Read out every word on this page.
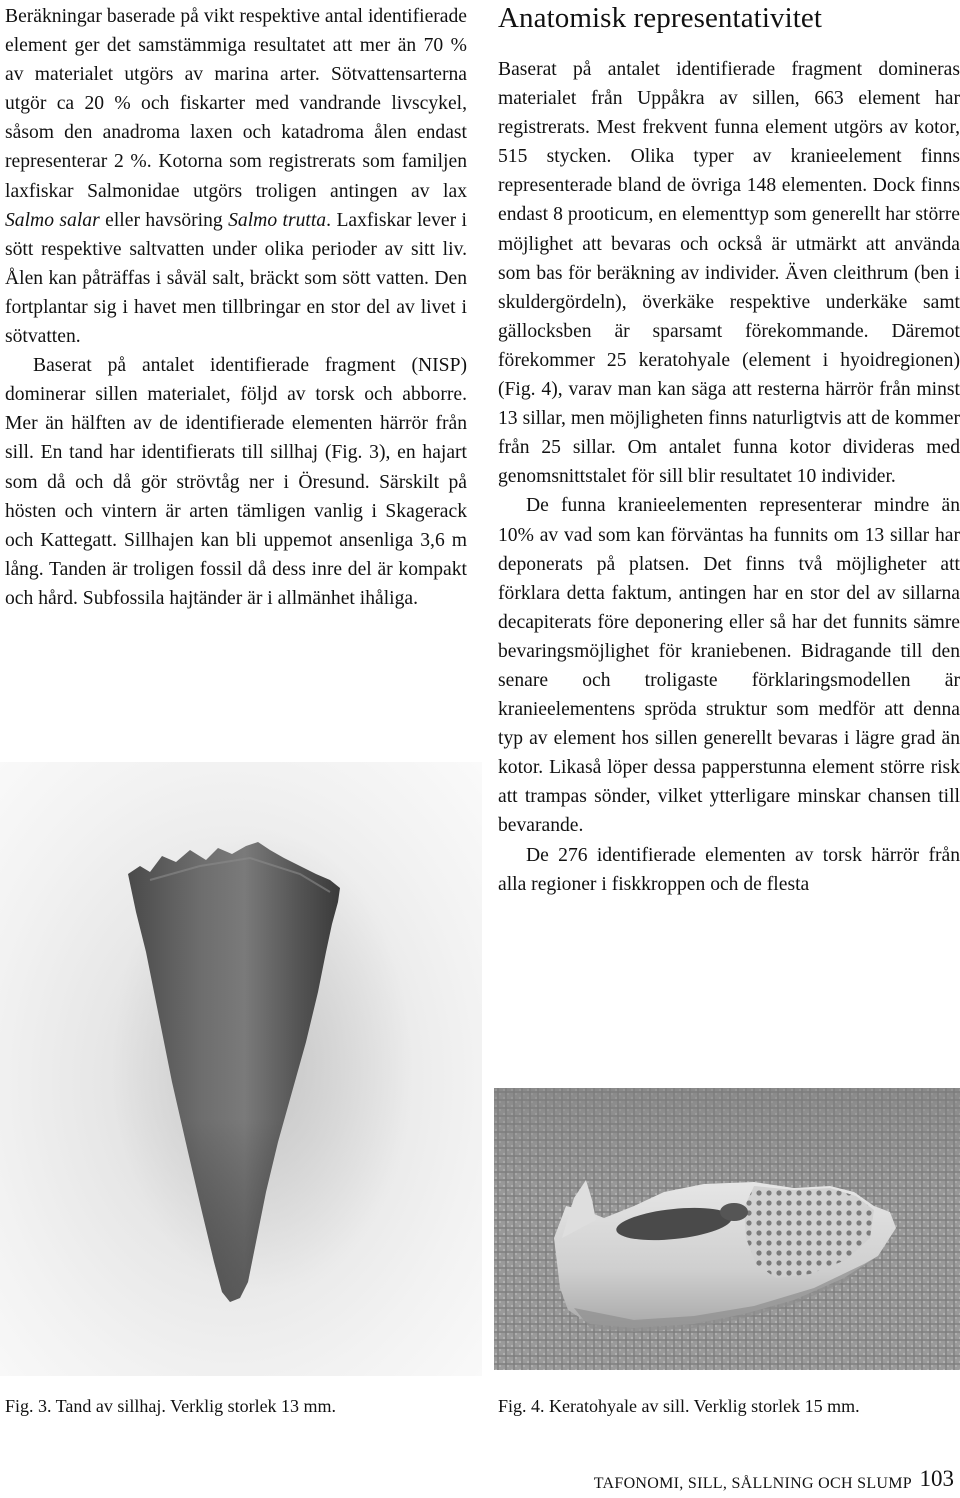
Beräkningar baserade på vikt respektive antal identifierade element ger det samstämmiga resultatet att mer än 70 % av materialet utgörs av marina arter. Sötvattensarterna utgör ca 20 % och fiskarter med vandrande livscykel, såsom den anadroma laxen och katadroma ålen endast representerar 2 %. Kotorna som registrerats som familjen laxfiskar Salmonidae utgörs troligen antingen av lax Salmo salar eller havsöring Salmo trutta. Laxfiskar lever i sött respektive saltvatten under olika perioder av sitt liv. Ålen kan påträffas i såväl salt, bräckt som sött vatten. Den fortplantar sig i havet men tillbringar en stor del av livet i sötvatten.

Baserat på antalet identifierade fragment (NISP) dominerar sillen materialet, följd av torsk och abborre. Mer än hälften av de identifierade elementen härrör från sill. En tand har identifierats till sillhaj (Fig. 3), en hajart som då och då gör strövtåg ner i Öresund. Särskilt på hösten och vintern är arten tämligen vanlig i Skagerack och Kattegatt. Sillhajen kan bli uppemot ansenliga 3,6 m lång. Tanden är troligen fossil då dess inre del är kompakt och hård. Subfossila hajtänder är i allmänhet ihåliga.

Anatomisk representativitet

Baserat på antalet identifierade fragment domineras materialet från Uppåkra av sillen, 663 element har registrerats. Mest frekvent funna element utgörs av kotor, 515 stycken. Olika typer av kranieelement finns representerade bland de övriga 148 elementen. Dock finns endast 8 prooticum, en elementtyp som generellt har större möjlighet att bevaras och också är utmärkt att använda som bas för beräkning av individer. Även cleithrum (ben i skuldergördeln), överkäke respektive underkäke samt gällocksben är sparsamt förekommande. Däremot förekommer 25 keratohyale (element i hyoidregionen) (Fig. 4), varav man kan säga att resterna härrör från minst 13 sillar, men möjligheten finns naturligtvis att de kommer från 25 sillar. Om antalet funna kotor divideras med genomsnittstalet för sill blir resultatet 10 individer.

De funna kranieelementen representerar mindre än 10% av vad som kan förväntas ha funnits om 13 sillar har deponerats på platsen. Det finns två möjligheter att förklara detta faktum, antingen har en stor del av sillarna decapiterats före deponering eller så har det funnits sämre bevaringsmöjlighet för kraniebenen. Bidragande till den senare och troligaste förklaringsmodellen är kranieelementens spröda struktur som medför att denna typ av element hos sillen generellt bevaras i lägre grad än kotor. Likaså löper dessa papperstunna element större risk att trampas sönder, vilket ytterligare minskar chansen till bevarande.

De 276 identifierade elementen av torsk härrör från alla regioner i fiskkroppen och de flesta

Fig. 3. Tand av sillhaj. Verklig storlek 13 mm.	Fig. 4. Keratohyale av sill. Verklig storlek 15 mm.
TAFONOMI, SILL, SÅLLNING OCH SLUMP 103
